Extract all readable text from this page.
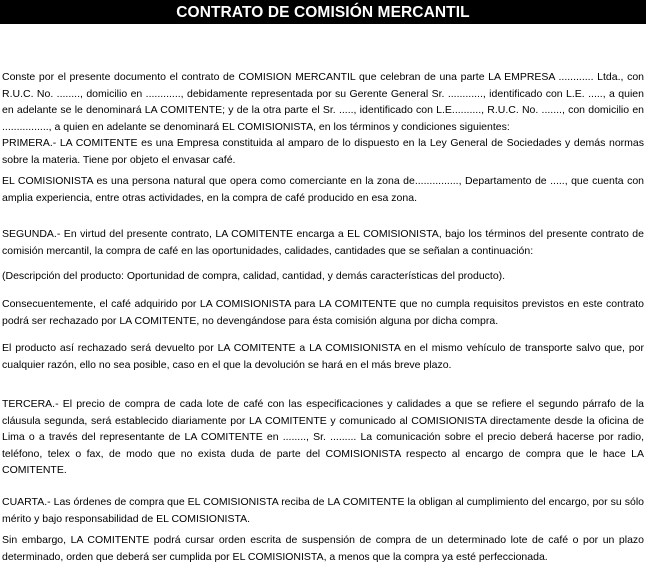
CONTRATO DE COMISIÓN MERCANTIL

Conste por el presente documento el contrato de COMISION MERCANTIL que celebran de una parte LA EMPRESA ............ Ltda., con R.U.C. No. ........, domicilio en ............, debidamente representada por su Gerente General Sr. ............, identificado con L.E. ....., a quien en adelante se le denominará LA COMITENTE; y de la otra parte el Sr. ....., identificado con L.E.........., R.U.C. No. ......., con domicilio en ................, a quien en adelante se denominará EL COMISIONISTA, en los términos y condiciones siguientes:

PRIMERA.- LA COMITENTE es una Empresa constituida al amparo de lo dispuesto en la Ley General de Sociedades y demás normas sobre la materia. Tiene por objeto el envasar café.

EL COMISIONISTA es una persona natural que opera como comerciante en la zona de..............., Departamento de ....., que cuenta con amplia experiencia, entre otras actividades, en la compra de café producido en esa zona.

SEGUNDA.- En virtud del presente contrato, LA COMITENTE encarga a EL COMISIONISTA, bajo los términos del presente contrato de comisión mercantil, la compra de café en las oportunidades, calidades, cantidades que se señalan a continuación:

(Descripción del producto: Oportunidad de compra, calidad, cantidad, y demás características del producto).

Consecuentemente, el café adquirido por LA COMISIONISTA para LA COMITENTE que no cumpla requisitos previstos en este contrato podrá ser rechazado por LA COMITENTE, no devengándose para ésta comisión alguna por dicha compra.

El producto así rechazado será devuelto por LA COMITENTE a LA COMISIONISTA en el mismo vehículo de transporte salvo que, por cualquier razón, ello no sea posible, caso en el que la devolución se hará en el más breve plazo.

TERCERA.- El precio de compra de cada lote de café con las especificaciones y calidades a que se refiere el segundo párrafo de la cláusula segunda, será establecido diariamente por LA COMITENTE y comunicado al COMISIONISTA directamente desde la oficina de Lima o a través del representante de LA COMITENTE en ........, Sr. ......... La comunicación sobre el precio deberá hacerse por radio, teléfono, telex o fax, de modo que no exista duda de parte del COMISIONISTA respecto al encargo de compra que le hace LA COMITENTE.

CUARTA.- Las órdenes de compra que EL COMISIONISTA reciba de LA COMITENTE la obligan al cumplimiento del encargo, por su sólo mérito y bajo responsabilidad de EL COMISIONISTA.

Sin embargo, LA COMITENTE podrá cursar orden escrita de suspensión de compra de un determinado lote de café o por un plazo determinado, orden que deberá ser cumplida por EL COMISIONISTA, a menos que la compra ya esté perfeccionada.
